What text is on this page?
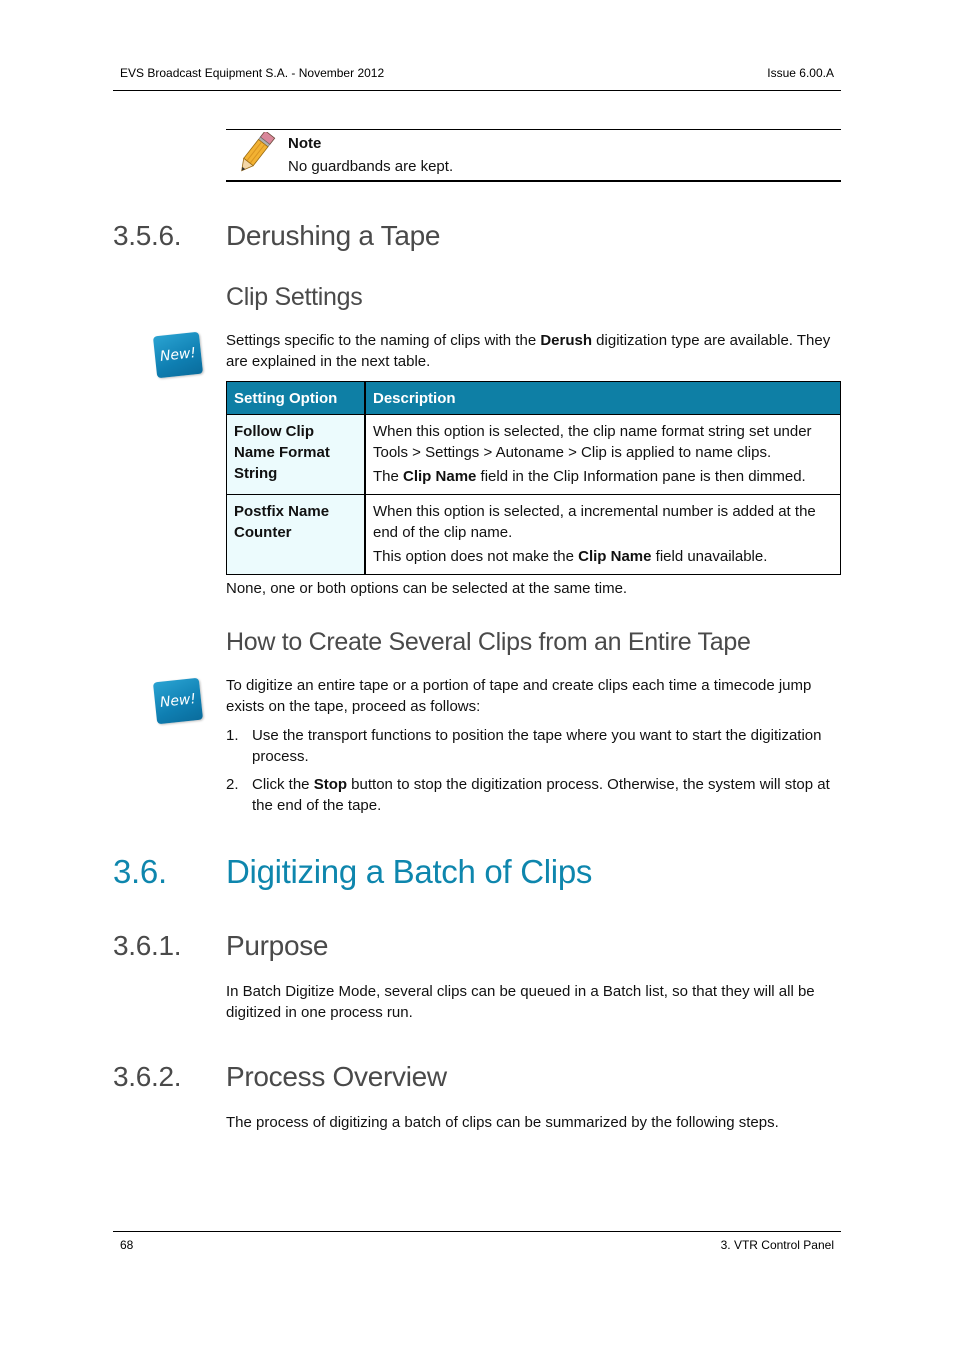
EVS Broadcast Equipment S.A. - November 2012	Issue 6.00.A
Note
No guardbands are kept.
3.5.6. Derushing a Tape
Clip Settings
New!
Settings specific to the naming of clips with the Derush digitization type are available. They are explained in the next table.
Setting Option	Description
Follow Clip Name Format String	When this option is selected, the clip name format string set under Tools > Settings > Autoname > Clip is applied to name clips.

The Clip Name field in the Clip Information pane is then dimmed.

Postfix Name Counter	When this option is selected, a incremental number is added at the end of the clip name.

This option does not make the Clip Name field unavailable.

None, one or both options can be selected at the same time.
How to Create Several Clips from an Entire Tape
New!
To digitize an entire tape or a portion of tape and create clips each time a timecode jump exists on the tape, proceed as follows:
1. Use the transport functions to position the tape where you want to start the digitization process.
2. Click the Stop button to stop the digitization process. Otherwise, the system will stop at the end of the tape.
3.6. Digitizing a Batch of Clips
3.6.1. Purpose
In Batch Digitize Mode, several clips can be queued in a Batch list, so that they will all be digitized in one process run.
3.6.2. Process Overview
The process of digitizing a batch of clips can be summarized by the following steps.
68	3. VTR Control Panel
